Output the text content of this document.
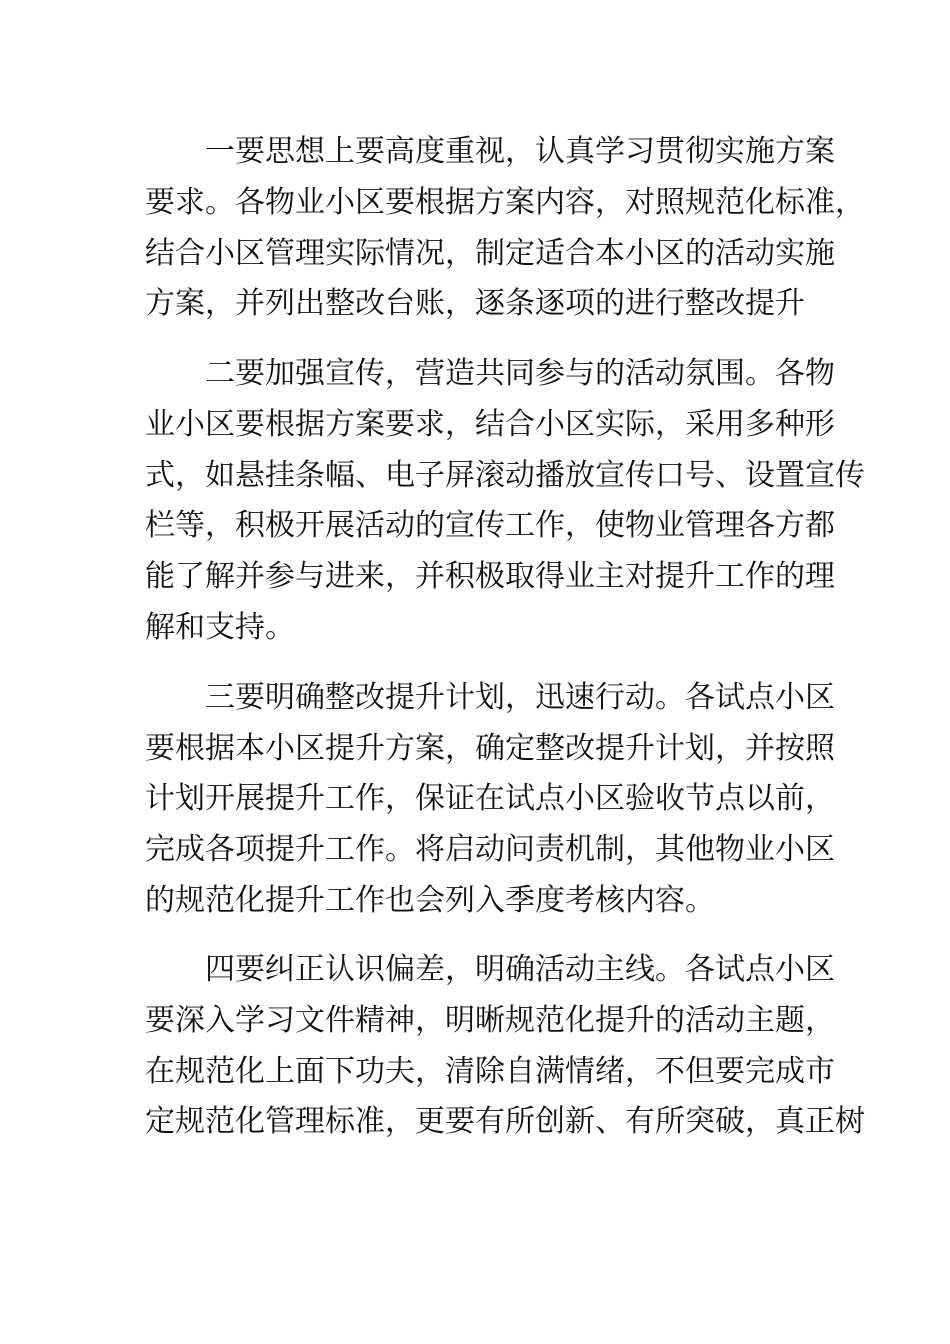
一要思想上要高度重视，认真学习贯彻实施方案
要求。各物业小区要根据方案内容，对照规范化标准，
结合小区管理实际情况，制定适合本小区的活动实施
方案，并列出整改台账，逐条逐项的进行整改提升
二要加强宣传，营造共同参与的活动氛围。各物
业小区要根据方案要求，结合小区实际，采用多种形
式，如悬挂条幅、电子屏滚动播放宣传口号、设置宣传
栏等，积极开展活动的宣传工作，使物业管理各方都
能了解并参与进来，并积极取得业主对提升工作的理
解和支持。
三要明确整改提升计划，迅速行动。各试点小区
要根据本小区提升方案，确定整改提升计划，并按照
计划开展提升工作，保证在试点小区验收节点以前，
完成各项提升工作。将启动问责机制，其他物业小区
的规范化提升工作也会列入季度考核内容。
四要纠正认识偏差，明确活动主线。各试点小区
要深入学习文件精神，明晰规范化提升的活动主题，
在规范化上面下功夫，清除自满情绪，不但要完成市
定规范化管理标准，更要有所创新、有所突破，真正树
